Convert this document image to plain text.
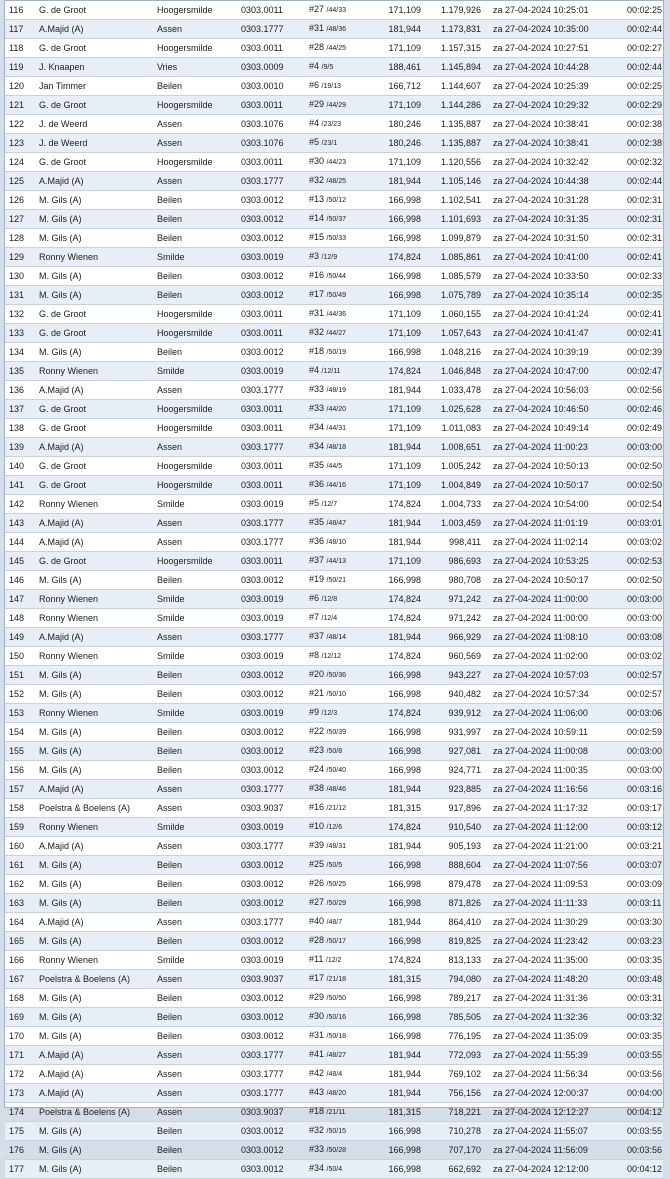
116	G. de Groot	Hoogersmilde	0303.0011	#27 /44/33	171,109	1.179,926	za 27-04-2024 10:25:01	00:02:25
117	A.Majid (A)	Assen	0303.1777	#31 /48/36	181,944	1.173,831	za 27-04-2024 10:35:00	00:02:44
118	G. de Groot	Hoogersmilde	0303.0011	#28 /44/25	171,109	1.157,315	za 27-04-2024 10:27:51	00:02:27
119	J. Knaapen	Vries	0303.0009	#4 /9/5	188,461	1.145,894	za 27-04-2024 10:44:28	00:02:44
120	Jan Timmer	Beilen	0303.0010	#6 /19/13	166,712	1.144,607	za 27-04-2024 10:25:39	00:02:25
121	G. de Groot	Hoogersmilde	0303.0011	#29 /44/29	171,109	1.144,286	za 27-04-2024 10:29:32	00:02:29
122	J. de Weerd	Assen	0303.1076	#4 /23/23	180,246	1.135,887	za 27-04-2024 10:38:41	00:02:38
123	J. de Weerd	Assen	0303.1076	#5 /23/1	180,246	1.135,887	za 27-04-2024 10:38:41	00:02:38
124	G. de Groot	Hoogersmilde	0303.0011	#30 /44/23	171,109	1.120,556	za 27-04-2024 10:32:42	00:02:32
125	A.Majid (A)	Assen	0303.1777	#32 /48/25	181,944	1.105,146	za 27-04-2024 10:44:38	00:02:44
126	M. Gils (A)	Beilen	0303.0012	#13 /50/12	166,998	1.102,541	za 27-04-2024 10:31:28	00:02:31
127	M. Gils (A)	Beilen	0303.0012	#14 /50/37	166,998	1.101,693	za 27-04-2024 10:31:35	00:02:31
128	M. Gils (A)	Beilen	0303.0012	#15 /50/33	166,998	1.099,879	za 27-04-2024 10:31:50	00:02:31
129	Ronny Wienen	Smilde	0303.0019	#3 /12/9	174,824	1.085,861	za 27-04-2024 10:41:00	00:02:41
130	M. Gils (A)	Beilen	0303.0012	#16 /50/44	166,998	1.085,579	za 27-04-2024 10:33:50	00:02:33
131	M. Gils (A)	Beilen	0303.0012	#17 /50/49	166,998	1.075,789	za 27-04-2024 10:35:14	00:02:35
132	G. de Groot	Hoogersmilde	0303.0011	#31 /44/36	171,109	1.060,155	za 27-04-2024 10:41:24	00:02:41
133	G. de Groot	Hoogersmilde	0303.0011	#32 /44/27	171,109	1.057,643	za 27-04-2024 10:41:47	00:02:41
134	M. Gils (A)	Beilen	0303.0012	#18 /50/19	166,998	1.048,216	za 27-04-2024 10:39:19	00:02:39
135	Ronny Wienen	Smilde	0303.0019	#4 /12/11	174,824	1.046,848	za 27-04-2024 10:47:00	00:02:47
136	A.Majid (A)	Assen	0303.1777	#33 /48/19	181,944	1.033,478	za 27-04-2024 10:56:03	00:02:56
137	G. de Groot	Hoogersmilde	0303.0011	#33 /44/20	171,109	1.025,628	za 27-04-2024 10:46:50	00:02:46
138	G. de Groot	Hoogersmilde	0303.0011	#34 /44/31	171,109	1.011,083	za 27-04-2024 10:49:14	00:02:49
139	A.Majid (A)	Assen	0303.1777	#34 /48/18	181,944	1.008,651	za 27-04-2024 11:00:23	00:03:00
140	G. de Groot	Hoogersmilde	0303.0011	#35 /44/5	171,109	1.005,242	za 27-04-2024 10:50:13	00:02:50
141	G. de Groot	Hoogersmilde	0303.0011	#36 /44/16	171,109	1.004,849	za 27-04-2024 10:50:17	00:02:50
142	Ronny Wienen	Smilde	0303.0019	#5 /12/7	174,824	1.004,733	za 27-04-2024 10:54:00	00:02:54
143	A.Majid (A)	Assen	0303.1777	#35 /48/47	181,944	1.003,459	za 27-04-2024 11:01:19	00:03:01
144	A.Majid (A)	Assen	0303.1777	#36 /48/10	181,944	998,411	za 27-04-2024 11:02:14	00:03:02
145	G. de Groot	Hoogersmilde	0303.0011	#37 /44/13	171,109	986,693	za 27-04-2024 10:53:25	00:02:53
146	M. Gils (A)	Beilen	0303.0012	#19 /50/21	166,998	980,708	za 27-04-2024 10:50:17	00:02:50
147	Ronny Wienen	Smilde	0303.0019	#6 /12/8	174,824	971,242	za 27-04-2024 11:00:00	00:03:00
148	Ronny Wienen	Smilde	0303.0019	#7 /12/4	174,824	971,242	za 27-04-2024 11:00:00	00:03:00
149	A.Majid (A)	Assen	0303.1777	#37 /48/14	181,944	966,929	za 27-04-2024 11:08:10	00:03:08
150	Ronny Wienen	Smilde	0303.0019	#8 /12/12	174,824	960,569	za 27-04-2024 11:02:00	00:03:02
151	M. Gils (A)	Beilen	0303.0012	#20 /50/36	166,998	943,227	za 27-04-2024 10:57:03	00:02:57
152	M. Gils (A)	Beilen	0303.0012	#21 /50/10	166,998	940,482	za 27-04-2024 10:57:34	00:02:57
153	Ronny Wienen	Smilde	0303.0019	#9 /12/3	174,824	939,912	za 27-04-2024 11:06:00	00:03:06
154	M. Gils (A)	Beilen	0303.0012	#22 /50/39	166,998	931,997	za 27-04-2024 10:59:11	00:02:59
155	M. Gils (A)	Beilen	0303.0012	#23 /50/8	166,998	927,081	za 27-04-2024 11:00:08	00:03:00
156	M. Gils (A)	Beilen	0303.0012	#24 /50/40	166,998	924,771	za 27-04-2024 11:00:35	00:03:00
157	A.Majid (A)	Assen	0303.1777	#38 /48/46	181,944	923,885	za 27-04-2024 11:16:56	00:03:16
158	Poelstra & Boelens (A)	Assen	0303.9037	#16 /21/12	181,315	917,896	za 27-04-2024 11:17:32	00:03:17
159	Ronny Wienen	Smilde	0303.0019	#10 /12/6	174,824	910,540	za 27-04-2024 11:12:00	00:03:12
160	A.Majid (A)	Assen	0303.1777	#39 /48/31	181,944	905,193	za 27-04-2024 11:21:00	00:03:21
161	M. Gils (A)	Beilen	0303.0012	#25 /50/5	166,998	888,604	za 27-04-2024 11:07:56	00:03:07
162	M. Gils (A)	Beilen	0303.0012	#26 /50/25	166,998	879,478	za 27-04-2024 11:09:53	00:03:09
163	M. Gils (A)	Beilen	0303.0012	#27 /50/29	166,998	871,826	za 27-04-2024 11:11:33	00:03:11
164	A.Majid (A)	Assen	0303.1777	#40 /48/7	181,944	864,410	za 27-04-2024 11:30:29	00:03:30
165	M. Gils (A)	Beilen	0303.0012	#28 /50/17	166,998	819,825	za 27-04-2024 11:23:42	00:03:23
166	Ronny Wienen	Smilde	0303.0019	#11 /12/2	174,824	813,133	za 27-04-2024 11:35:00	00:03:35
167	Poelstra & Boelens (A)	Assen	0303.9037	#17 /21/18	181,315	794,080	za 27-04-2024 11:48:20	00:03:48
168	M. Gils (A)	Beilen	0303.0012	#29 /50/50	166,998	789,217	za 27-04-2024 11:31:36	00:03:31
169	M. Gils (A)	Beilen	0303.0012	#30 /50/16	166,998	785,505	za 27-04-2024 11:32:36	00:03:32
170	M. Gils (A)	Beilen	0303.0012	#31 /50/18	166,998	776,195	za 27-04-2024 11:35:09	00:03:35
171	A.Majid (A)	Assen	0303.1777	#41 /48/27	181,944	772,093	za 27-04-2024 11:55:39	00:03:55
172	A.Majid (A)	Assen	0303.1777	#42 /48/4	181,944	769,102	za 27-04-2024 11:56:34	00:03:56
173	A.Majid (A)	Assen	0303.1777	#43 /48/20	181,944	756,156	za 27-04-2024 12:00:37	00:04:00
174	Poelstra & Boelens (A)	Assen	0303.9037	#18 /21/11	181,315	718,221	za 27-04-2024 12:12:27	00:04:12
175	M. Gils (A)	Beilen	0303.0012	#32 /50/15	166,998	710,278	za 27-04-2024 11:55:07	00:03:55
176	M. Gils (A)	Beilen	0303.0012	#33 /50/28	166,998	707,170	za 27-04-2024 11:56:09	00:03:56
177	M. Gils (A)	Beilen	0303.0012	#34 /50/4	166,998	662,692	za 27-04-2024 12:12:00	00:04:12
